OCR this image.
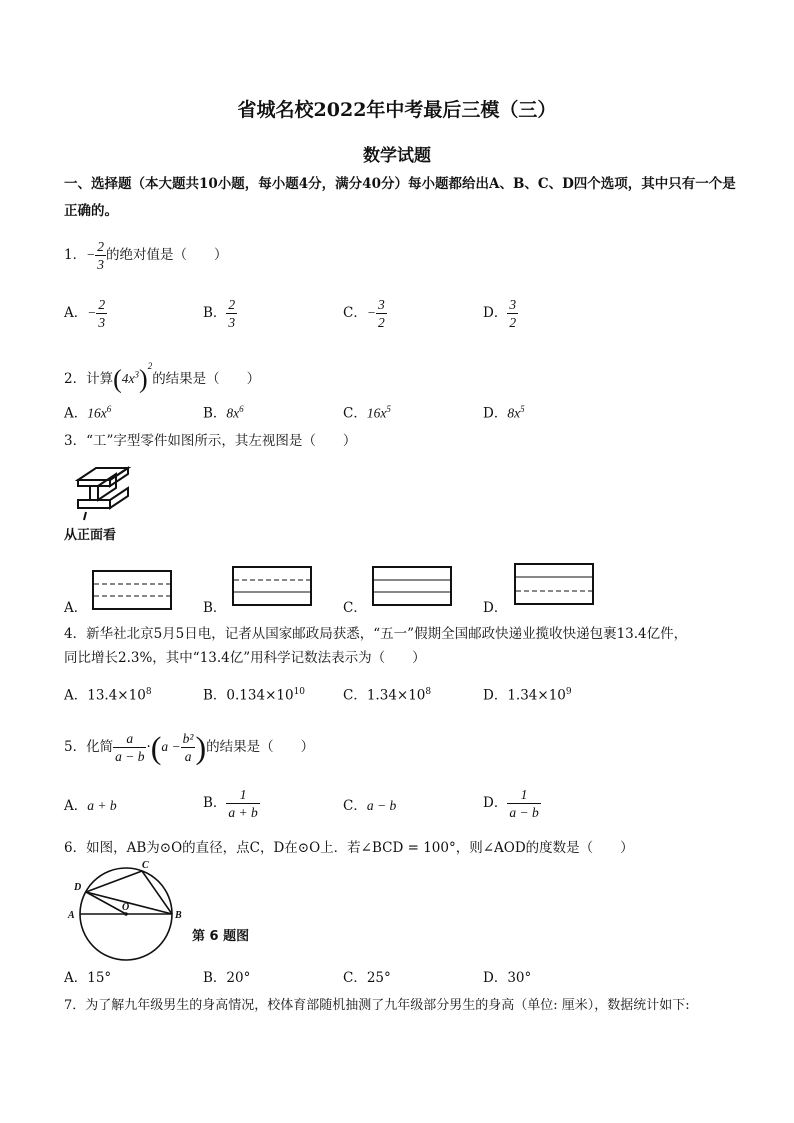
省城名校2022年中考最后三模（三）
数学试题
一、选择题（本大题共10小题，每小题4分，满分40分）每小题都给出A、B、C、D四个选项，其中只有一个是正确的。
1．− $\frac{2}{3}$ 的绝对值是（　　）
A．− $\frac{2}{3}$	B． $\frac{2}{3}$	C．− $\frac{3}{2}$	D． $\frac{3}{2}$
2．计算$(4x^3)^2$的结果是（　　）
A．$16x^6$	B．$8x^6$	C．$16x^5$	D．$8x^5$
3．“工”字型零件如图所示，其左视图是（　　）
从正面看
A．	B．	C．	D．
4．新华社北京5月5日电，记者从国家邮政局获悉，“五一”假期全国邮政快递业揽收快递包裹13.4亿件，
同比增长2.3%，其中“13.4亿”用科学记数法表示为（　　）
A．$13.4\times 10^8$	B．$0.134\times 10^{10}$	C．$1.34\times 10^8$	D．$1.34\times 10^9$
5．化简 $\frac{a}{a - b} \cdot(a - \frac{\text{b²}}{a}$ )的结果是（　　）
A．a + b	B． $\frac{1}{a + b}$	C．a − b	D． $\frac{1}{a - b}$
6．如图，AB为⊙O的直径，点C，D在⊙O上．若∠BCD = 100°，则∠AOD的度数是（　　）
A	B
C
D
O
第 6 题图
A．15°	B．20°	C．25°	D．30°
7．为了解九年级男生的身高情况，校体育部随机抽测了九年级部分男生的身高（单位: 厘米），数据统计如下:
